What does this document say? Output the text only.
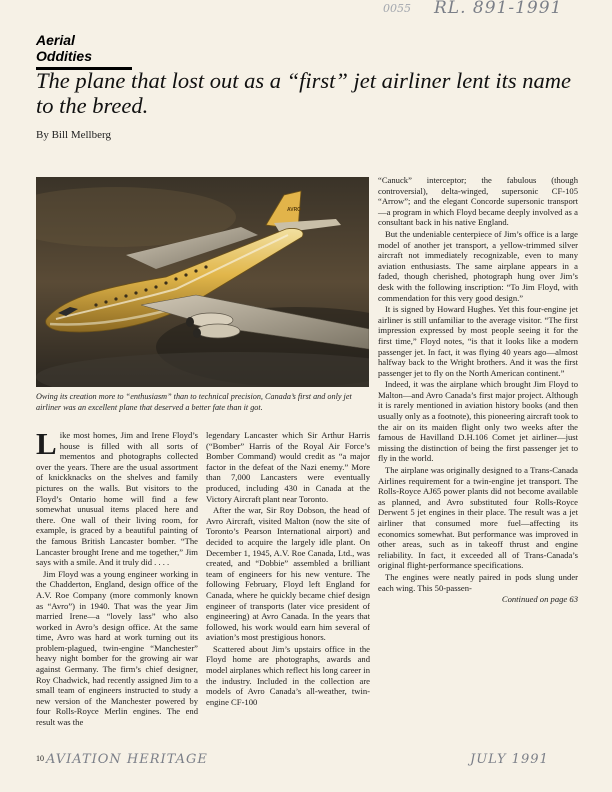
0055 RL. 891-1991
Aerial Oddities
The plane that lost out as a “first” jet airliner lent its name to the breed.
By Bill Mellberg
AVRO
Owing its creation more to “enthusiasm” than to technical precision, Canada’s first and only jet airliner was an excellent plane that deserved a better fate than it got.

Like most homes, Jim and Irene Floyd’s house is filled with all sorts of mementos and photographs collected over the years. There are the usual assortment of knickknacks on the shelves and family pictures on the walls. But visitors to the Floyd’s Ontario home will find a few somewhat unusual items placed here and there. One wall of their living room, for example, is graced by a beautiful painting of the famous British Lancaster bomber. “The Lancaster brought Irene and me together,” Jim says with a smile. And it truly did . . . .

Jim Floyd was a young engineer working in the Chadderton, England, design office of the A.V. Roe Company (more commonly known as “Avro”) in 1940. That was the year Jim married Irene—a “lovely lass” who also worked in Avro’s design office. At the same time, Avro was hard at work turning out its problem-plagued, twin-engine “Manchester” heavy night bomber for the growing air war against Germany. The firm’s chief designer, Roy Chadwick, had recently assigned Jim to a small team of engineers instructed to study a new version of the Manchester powered by four Rolls-Royce Merlin engines. The end result was the

legendary Lancaster which Sir Arthur Harris (“Bomber” Harris of the Royal Air Force’s Bomber Command) would credit as “a major factor in the defeat of the Nazi enemy.” More than 7,000 Lancasters were eventually produced, including 430 in Canada at the Victory Aircraft plant near Toronto.

After the war, Sir Roy Dobson, the head of Avro Aircraft, visited Malton (now the site of Toronto’s Pearson International airport) and decided to acquire the largely idle plant. On December 1, 1945, A.V. Roe Canada, Ltd., was created, and “Dobbie” assembled a brilliant team of engineers for his new venture. The following February, Floyd left England for Canada, where he quickly became chief design engineer of transports (later vice president of engineering) at Avro Canada. In the years that followed, his work would earn him several of aviation’s most prestigious honors.

Scattered about Jim’s upstairs office in the Floyd home are photographs, awards and model airplanes which reflect his long career in the industry. Included in the collection are models of Avro Canada’s all-weather, twin-engine CF-100

“Canuck” interceptor; the fabulous (though controversial), delta-winged, supersonic CF-105 “Arrow”; and the elegant Concorde supersonic transport—a program in which Floyd became deeply involved as a consultant back in his native England.

But the undeniable centerpiece of Jim’s office is a large model of another jet transport, a yellow-trimmed silver aircraft not immediately recognizable, even to many aviation enthusiasts. The same airplane appears in a faded, though cherished, photograph hung over Jim’s desk with the following inscription: “To Jim Floyd, with commendation for this very good design.”

It is signed by Howard Hughes. Yet this four-engine jet airliner is still unfamiliar to the average visitor. “The first impression expressed by most people seeing it for the first time,” Floyd notes, “is that it looks like a modern passenger jet. In fact, it was flying 40 years ago—almost halfway back to the Wright brothers. And it was the first passenger jet to fly on the North American continent.”

Indeed, it was the airplane which brought Jim Floyd to Malton—and Avro Canada’s first major project. Although it is rarely mentioned in aviation history books (and then usually only as a footnote), this pioneering aircraft took to the air on its maiden flight only two weeks after the famous de Havilland D.H.106 Comet jet airliner—just missing the distinction of being the first passenger jet to fly in the world.

The airplane was originally designed to a Trans-Canada Airlines requirement for a twin-engine jet transport. The Rolls-Royce AJ65 power plants did not become available as planned, and Avro substituted four Rolls-Royce Derwent 5 jet engines in their place. The result was a jet airliner that consumed more fuel—affecting its economics somewhat. But performance was improved in other areas, such as in takeoff thrust and engine reliability. In fact, it exceeded all of Trans-Canada’s original flight-performance specifications.

The engines were neatly paired in pods slung under each wing. This 50-passen-

Continued on page 63
10 AVIATION HERITAGE	JULY 1991
